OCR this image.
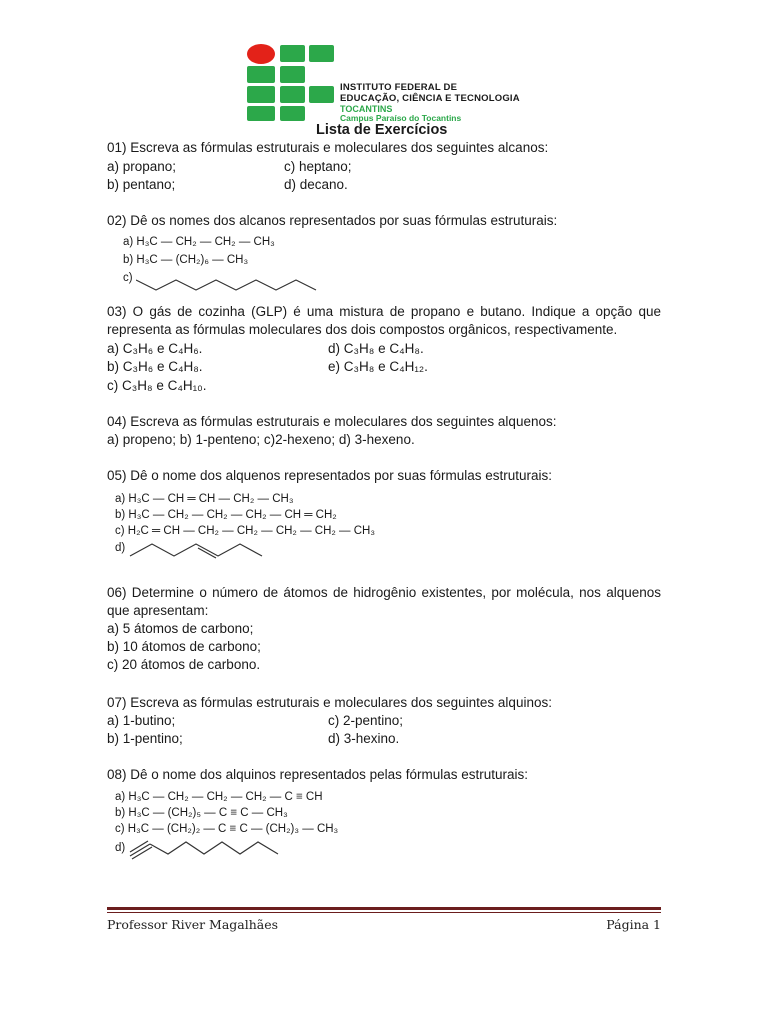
INSTITUTO FEDERAL DE
EDUCAÇÃO, CIÊNCIA E TECNOLOGIA
TOCANTINS
Campus Paraíso do Tocantins
Lista de Exercícios
01) Escreva as fórmulas estruturais e moleculares dos seguintes alcanos:
a) propano;	c) heptano;
b) pentano;	d) decano.
02) Dê os nomes dos alcanos representados por suas fórmulas estruturais:
a) H₃C — CH₂ — CH₂ — CH₃
b) H₃C — (CH₂)₆ — CH₃
c)
03) O gás de cozinha (GLP) é uma mistura de propano e butano. Indique a opção que
representa as fórmulas moleculares dos dois compostos orgânicos, respectivamente.
a) C₃H₆ e C₄H₆.	d) C₃H₈ e C₄H₈.
b) C₃H₆ e C₄H₈.	e) C₃H₈ e C₄H₁₂.
c) C₃H₈ e C₄H₁₀.
04) Escreva as fórmulas estruturais e moleculares dos seguintes alquenos:
a) propeno; b) 1-penteno; c)2-hexeno; d) 3-hexeno.
05) Dê o nome dos alquenos representados por suas fórmulas estruturais:
a) H₃C — CH ═ CH — CH₂ — CH₃
b) H₃C — CH₂ — CH₂ — CH₂ — CH ═ CH₂
c) H₂C ═ CH — CH₂ — CH₂ — CH₂ — CH₂ — CH₃
d)
06) Determine o número de átomos de hidrogênio existentes, por molécula, nos alquenos
que apresentam:
a) 5 átomos de carbono;
b) 10 átomos de carbono;
c) 20 átomos de carbono.
07) Escreva as fórmulas estruturais e moleculares dos seguintes alquinos:
a) 1-butino;	c) 2-pentino;
b) 1-pentino;	d) 3-hexino.
08) Dê o nome dos alquinos representados pelas fórmulas estruturais:
a) H₃C — CH₂ — CH₂ — CH₂ — C ≡ CH
b) H₃C — (CH₂)₅ — C ≡ C — CH₃
c) H₃C — (CH₂)₂ — C ≡ C — (CH₂)₃ — CH₃
d)
Professor River Magalhães	Página 1
